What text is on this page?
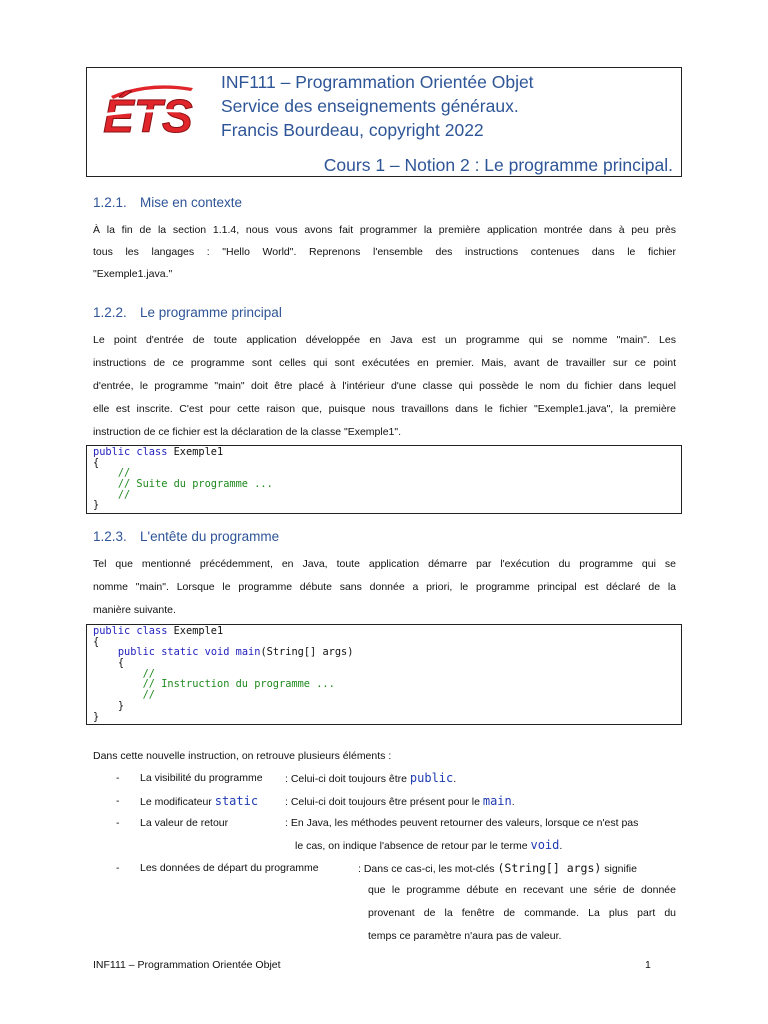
ÉTS
INF111 – Programmation Orientée Objet
Service des enseignements généraux.
Francis Bourdeau, copyright 2022
Cours 1 – Notion 2 : Le programme principal.
1.2.1. Mise en contexte
À la fin de la section 1.1.4, nous vous avons fait programmer la première application montrée dans à peu près
tous les langages : "Hello World". Reprenons l'ensemble des instructions contenues dans le fichier
"Exemple1.java."
1.2.2. Le programme principal
Le point d'entrée de toute application développée en Java est un programme qui se nomme "main". Les
instructions de ce programme sont celles qui sont exécutées en premier. Mais, avant de travailler sur ce point
d'entrée, le programme "main" doit être placé à l'intérieur d'une classe qui possède le nom du fichier dans lequel
elle est inscrite. C'est pour cette raison que, puisque nous travaillons dans le fichier "Exemple1.java", la première
instruction de ce fichier est la déclaration de la classe "Exemple1".
public class Exemple1
{
//
// Suite du programme ...
//
}
1.2.3. L'entête du programme
Tel que mentionné précédemment, en Java, toute application démarre par l'exécution du programme qui se
nomme "main". Lorsque le programme débute sans donnée a priori, le programme principal est déclaré de la
manière suivante.
public class Exemple1
{
public static void main(String[] args)
{
//
// Instruction du programme ...
//
}
}
Dans cette nouvelle instruction, on retrouve plusieurs éléments :
- La visibilité du programme : Celui-ci doit toujours être public.
- Le modificateur static	: Celui-ci doit toujours être présent pour le main.
- La valeur de retour	: En Java, les méthodes peuvent retourner des valeurs, lorsque ce n'est pas
le cas, on indique l'absence de retour par le terme void.
- Les données de départ du programme	: Dans ce cas-ci, les mot-clés (String[] args) signifie
que le programme débute en recevant une série de donnée
provenant de la fenêtre de commande. La plus part du
temps ce paramètre n'aura pas de valeur.
INF111 – Programmation Orientée Objet	1
